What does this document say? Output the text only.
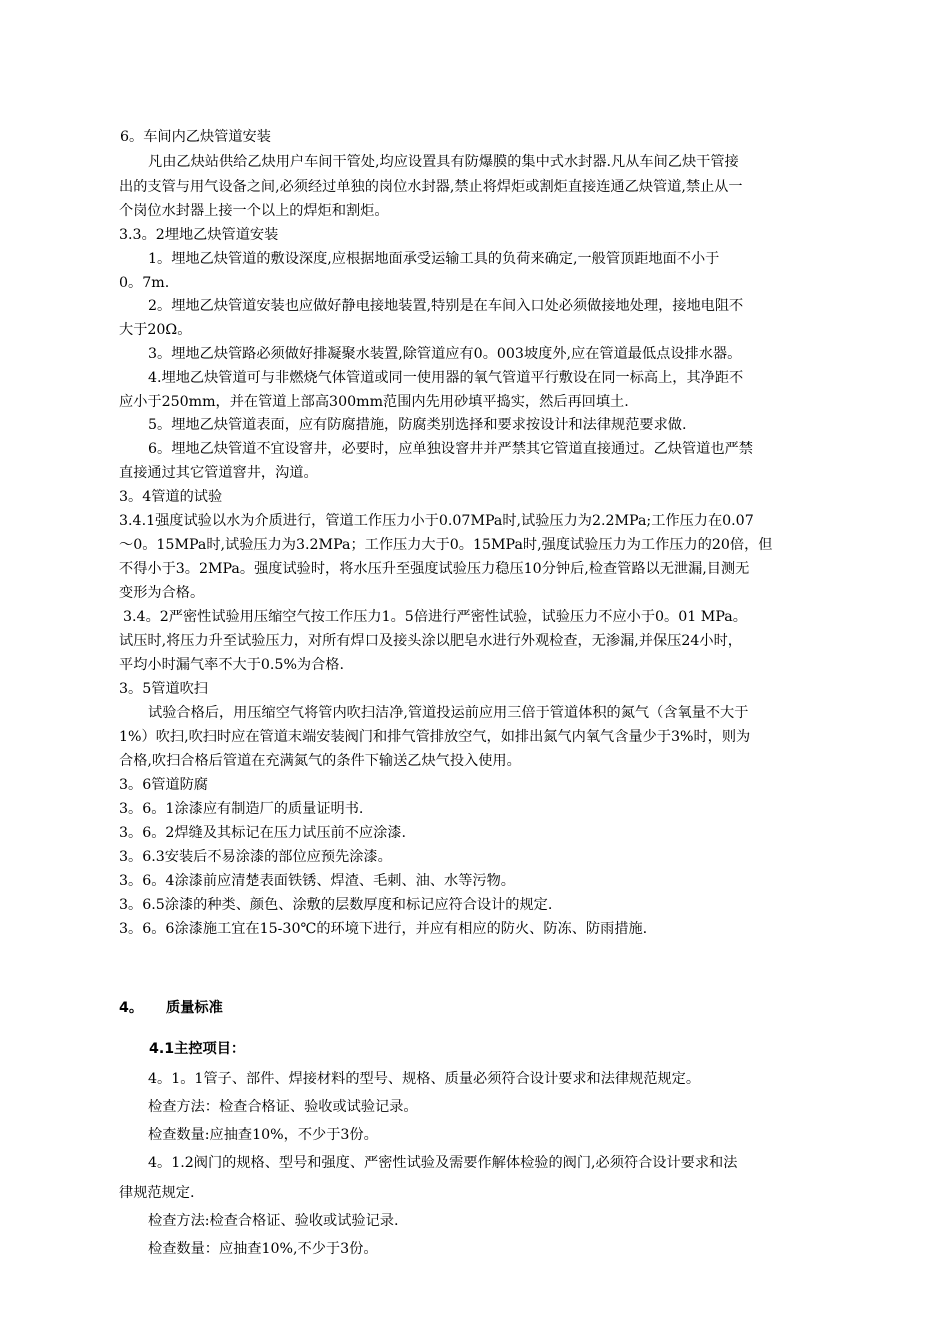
6。车间内乙炔管道安装
凡由乙炔站供给乙炔用户车间干管处,均应设置具有防爆膜的集中式水封器.凡从车间乙炔干管接
出的支管与用气设备之间,必须经过单独的岗位水封器,禁止将焊炬或割炬直接连通乙炔管道,禁止从一
个岗位水封器上接一个以上的焊炬和割炬。
3.3。2埋地乙炔管道安装
1。埋地乙炔管道的敷设深度,应根据地面承受运输工具的负荷来确定,一般管顶距地面不小于
0。7m.
2。埋地乙炔管道安装也应做好静电接地装置,特别是在车间入口处必须做接地处理，接地电阻不
大于20Ω。
3。埋地乙炔管路必须做好排凝聚水装置,除管道应有0。003坡度外,应在管道最低点设排水器。
4.埋地乙炔管道可与非燃烧气体管道或同一使用器的氧气管道平行敷设在同一标高上，其净距不
应小于250mm，并在管道上部高300mm范围内先用砂填平捣实，然后再回填土.
5。埋地乙炔管道表面，应有防腐措施，防腐类别选择和要求按设计和法律规范要求做.
6。埋地乙炔管道不宜设窨井，必要时，应单独设窨井并严禁其它管道直接通过。乙炔管道也严禁
直接通过其它管道窨井，沟道。
3。4管道的试验
3.4.1强度试验以水为介质进行，管道工作压力小于0.07MPa时,试验压力为2.2MPa;工作压力在0.07
～0。15MPa时,试验压力为3.2MPa；工作压力大于0。15MPa时,强度试验压力为工作压力的20倍，但
不得小于3。2MPa。强度试验时，将水压升至强度试验压力稳压10分钟后,检查管路以无泄漏,目测无
变形为合格。
3.4。2严密性试验用压缩空气按工作压力1。5倍进行严密性试验，试验压力不应小于0。01 MPa。
试压时,将压力升至试验压力，对所有焊口及接头涂以肥皂水进行外观检查，无渗漏,并保压24小时，
平均小时漏气率不大于0.5%为合格.
3。5管道吹扫
试验合格后，用压缩空气将管内吹扫洁净,管道投运前应用三倍于管道体积的氮气（含氧量不大于
1%）吹扫,吹扫时应在管道末端安装阀门和排气管排放空气，如排出氮气内氧气含量少于3%时，则为
合格,吹扫合格后管道在充满氮气的条件下输送乙炔气投入使用。
3。6管道防腐
3。6。1涂漆应有制造厂的质量证明书.
3。6。2焊缝及其标记在压力试压前不应涂漆.
3。6.3安装后不易涂漆的部位应预先涂漆。
3。6。4涂漆前应清楚表面铁锈、焊渣、毛刺、油、水等污物。
3。6.5涂漆的种类、颜色、涂敷的层数厚度和标记应符合设计的规定.
3。6。6涂漆施工宜在15-30℃的环境下进行，并应有相应的防火、防冻、防雨措施.
4。 质量标准
4.1主控项目：
4。1。1管子、部件、焊接材料的型号、规格、质量必须符合设计要求和法律规范规定。
检查方法：检查合格证、验收或试验记录。
检查数量:应抽查10%，不少于3份。
4。1.2阀门的规格、型号和强度、严密性试验及需要作解体检验的阀门,必须符合设计要求和法
律规范规定.
检查方法:检查合格证、验收或试验记录.
检查数量：应抽查10%,不少于3份。
